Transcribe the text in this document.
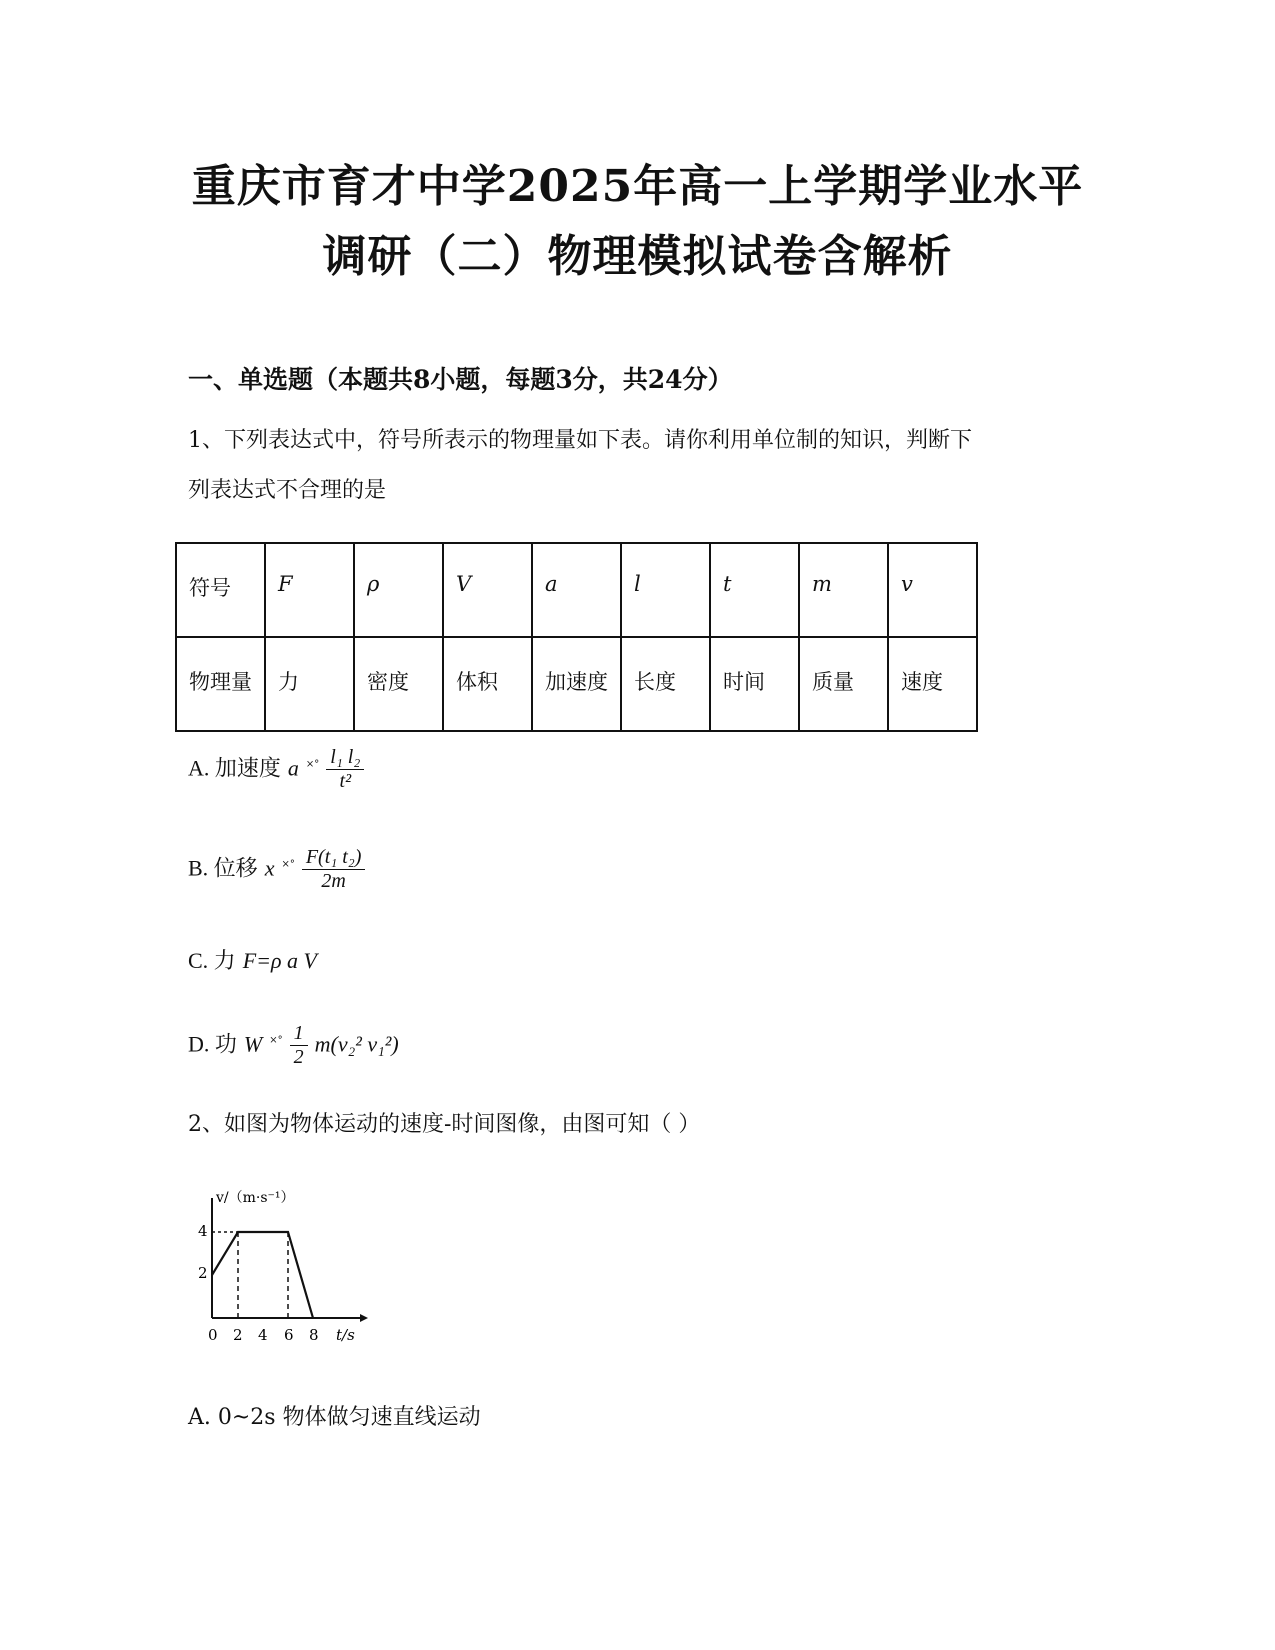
重庆市育才中学2025年高一上学期学业水平
调研（二）物理模拟试卷含解析
一、单选题（本题共8小题，每题3分，共24分）
1、下列表达式中，符号所表示的物理量如下表。请你利用单位制的知识，判断下
列表达式不合理的是
符号	F	ρ	V	a	l	t	m	v
物理量	力	密度	体积	加速度	长度	时间	质量	速度
A. 加速度 a $^{\times^\circ} \frac{\text{l₁ l₂}}{\text{t²}}$
B. 位移 x $^{\times^\circ} \frac{\text{F(t₁ t₂)}}{2m}$
C. 力 F=ρ a V
D. 功 W $^{\times^\circ} \frac{1}{2} m(v_2^2$ v₁²)
2、如图为物体运动的速度-时间图像，由图可知（ ）
v/（m·s⁻¹）
t/s
4
2
0 2 4 6 8
A. 0~2s 物体做匀速直线运动
